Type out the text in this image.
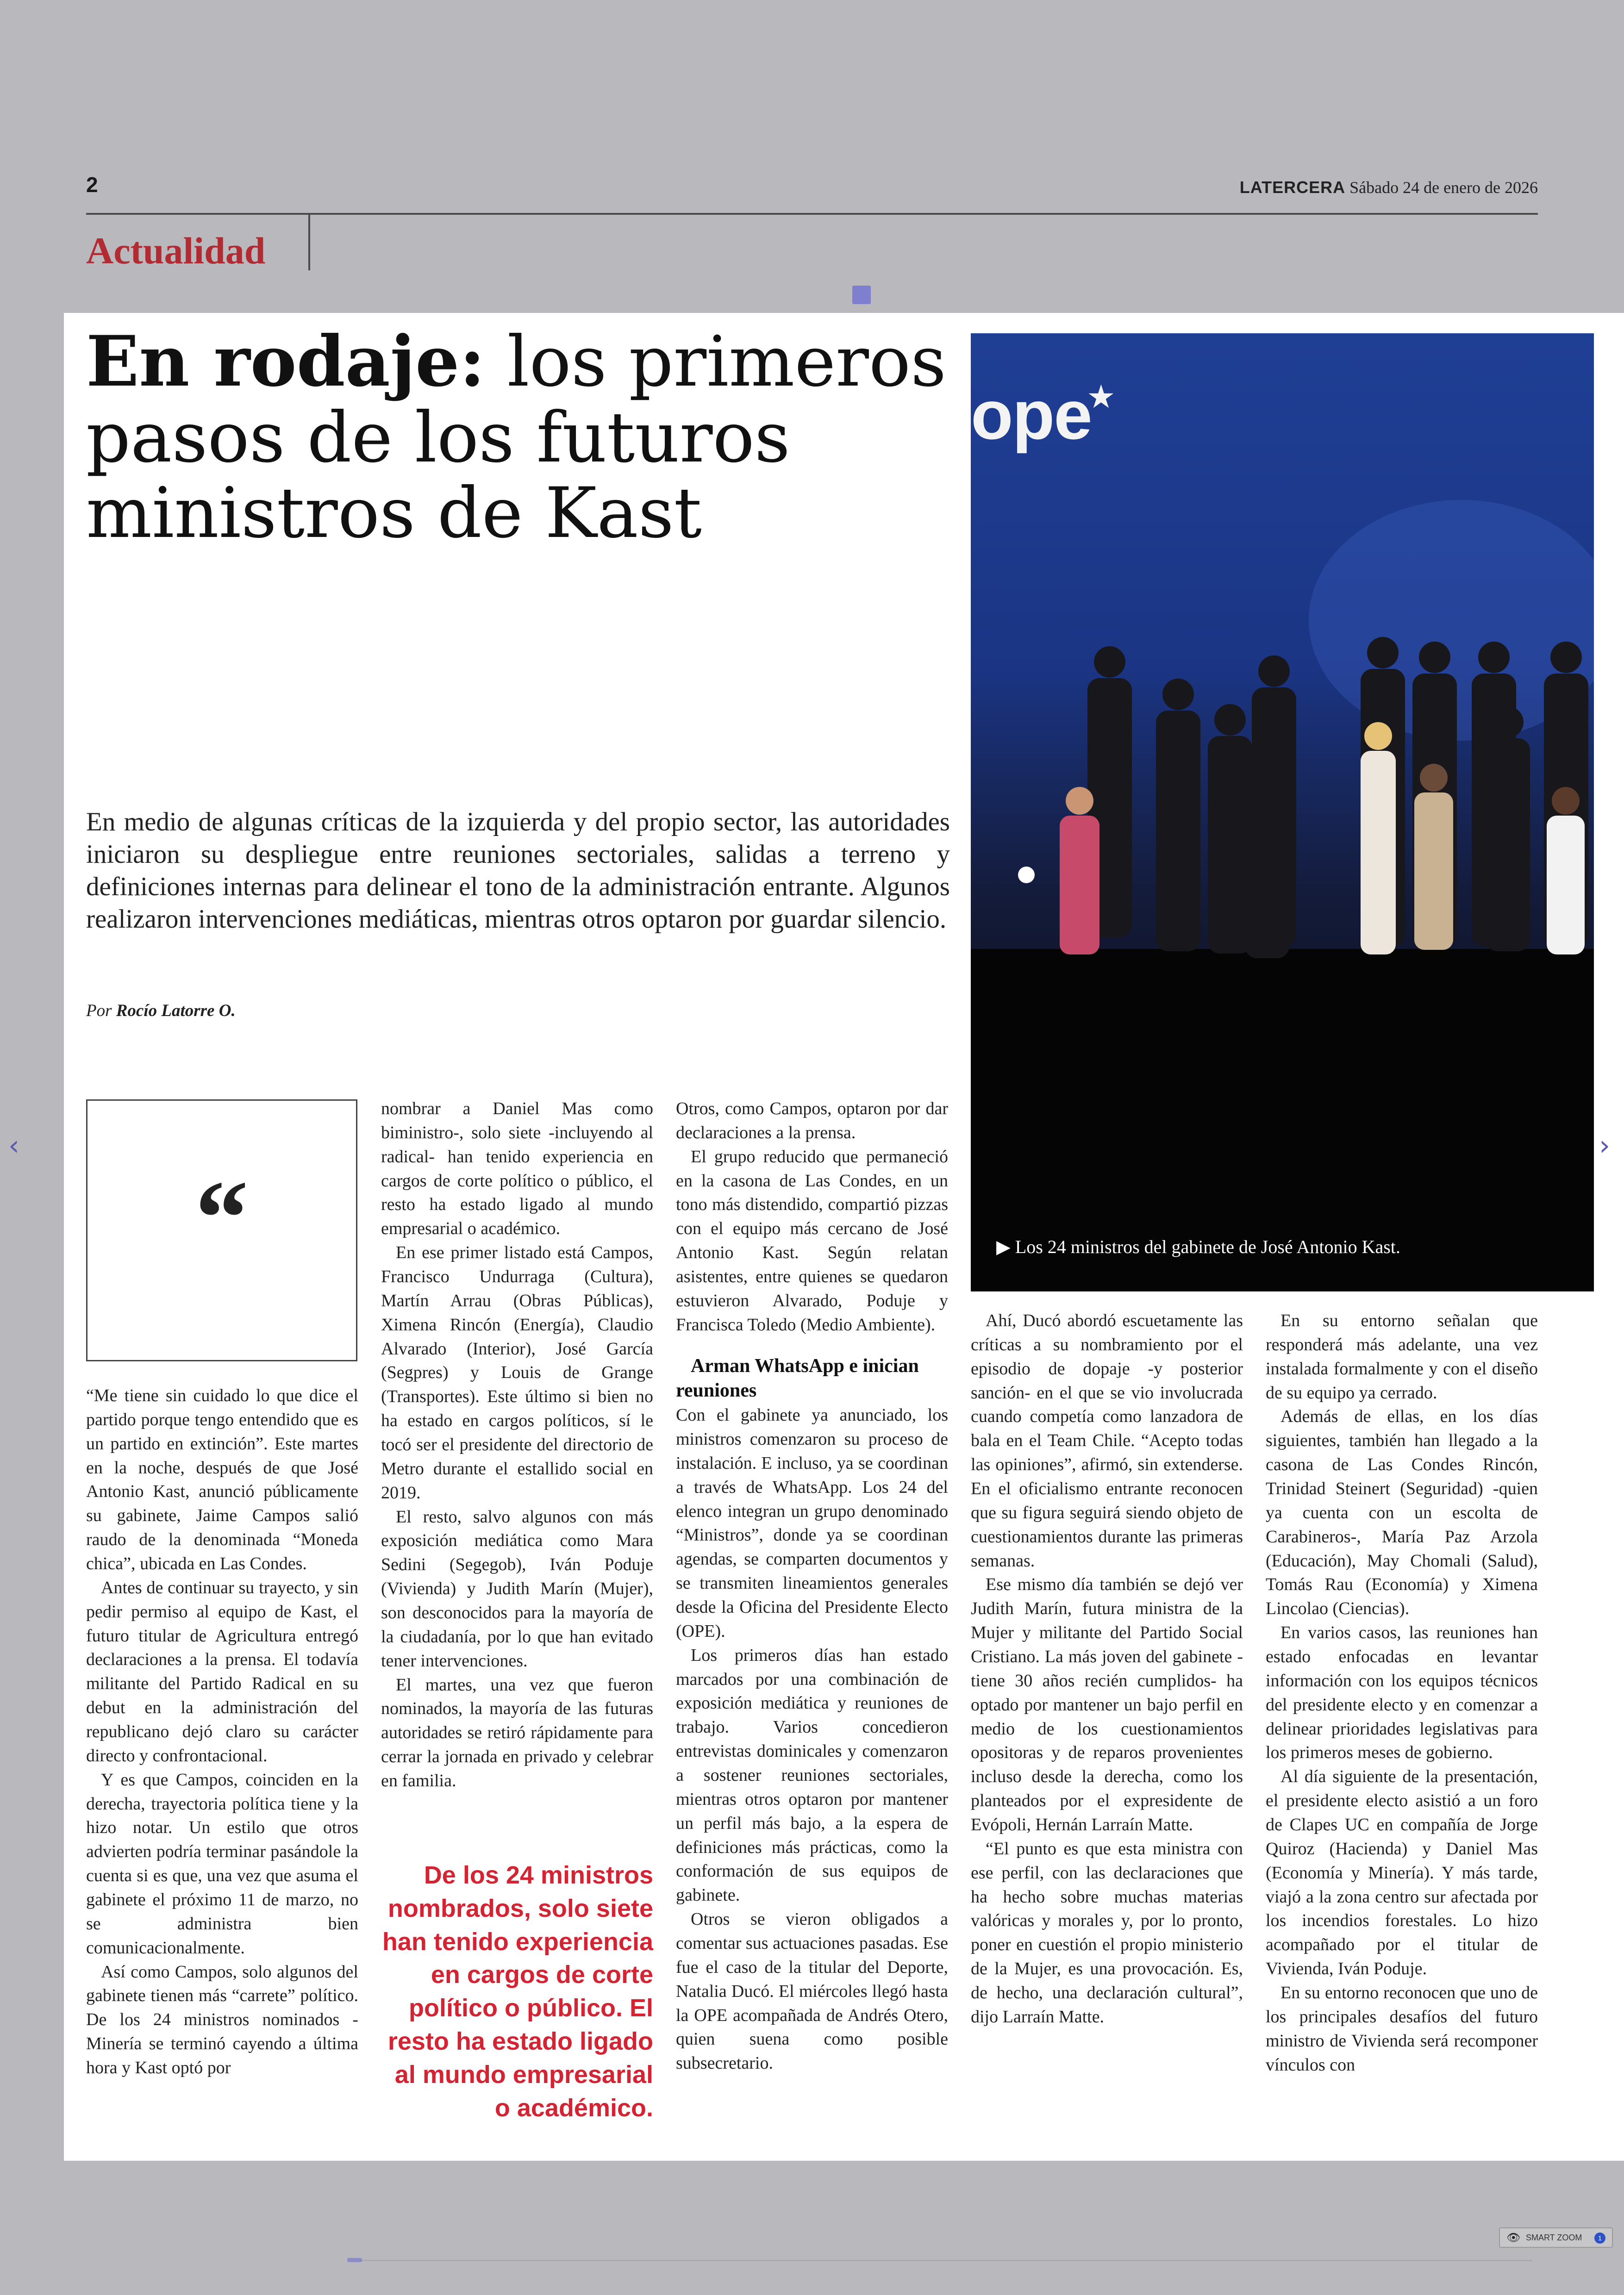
2	LATERCERA Sábado 24 de enero de 2026
Actualidad
En rodaje: los primeros pasos de los futuros ministros de Kast
En medio de algunas críticas de la izquierda y del propio sector, las autoridades iniciaron su despliegue entre reuniones sectoriales, salidas a terreno y definiciones internas para delinear el tono de la administración entrante. Algunos realizaron intervenciones mediáticas, mientras otros optaron por guardar silencio.
Por Rocío Latorre O.
ope
★
▶ Los 24 ministros del gabinete de José Antonio Kast.
“

“Me tiene sin cuidado lo que dice el partido porque tengo entendido que es un partido en extinción”. Este martes en la noche, después de que José Antonio Kast, anunció públicamente su gabinete, Jaime Campos salió raudo de la denominada “Moneda chica”, ubicada en Las Condes.

Antes de continuar su trayecto, y sin pedir permiso al equipo de Kast, el futuro titular de Agricultura entregó declaraciones a la prensa. El todavía militante del Partido Radical en su debut en la administración del republicano dejó claro su carácter directo y confrontacional.

Y es que Campos, coinciden en la derecha, trayectoria política tiene y la hizo notar. Un estilo que otros advierten podría terminar pasándole la cuenta si es que, una vez que asuma el gabinete el próximo 11 de marzo, no se administra bien comunicacionalmente.

Así como Campos, solo algunos del gabinete tienen más “carrete” político. De los 24 ministros nominados -Minería se terminó cayendo a última hora y Kast optó por

nombrar a Daniel Mas como biministro-, solo siete -incluyendo al radical- han tenido experiencia en cargos de corte político o público, el resto ha estado ligado al mundo empresarial o académico.

En ese primer listado está Campos, Francisco Undurraga (Cultura), Martín Arrau (Obras Públicas), Ximena Rincón (Energía), Claudio Alvarado (Interior), José García (Segpres) y Louis de Grange (Transportes). Este último si bien no ha estado en cargos políticos, sí le tocó ser el presidente del directorio de Metro durante el estallido social en 2019.

El resto, salvo algunos con más exposición mediática como Mara Sedini (Segegob), Iván Poduje (Vivienda) y Judith Marín (Mujer), son desconocidos para la mayoría de la ciudadanía, por lo que han evitado tener intervenciones.

El martes, una vez que fueron nominados, la mayoría de las futuras autoridades se retiró rápidamente para cerrar la jornada en privado y celebrar en familia.

De los 24 ministros nombrados, solo siete han tenido experiencia en cargos de corte político o público. El resto ha estado ligado al mundo empresarial o académico.

Otros, como Campos, optaron por dar declaraciones a la prensa.

El grupo reducido que permaneció en la casona de Las Condes, en un tono más distendido, compartió pizzas con el equipo más cercano de José Antonio Kast. Según relatan asistentes, entre quienes se quedaron estuvieron Alvarado, Poduje y Francisca Toledo (Medio Ambiente).

Arman WhatsApp e inician reuniones

Con el gabinete ya anunciado, los ministros comenzaron su proceso de instalación. E incluso, ya se coordinan a través de WhatsApp. Los 24 del elenco integran un grupo denominado “Ministros”, donde ya se coordinan agendas, se comparten documentos y se transmiten lineamientos generales desde la Oficina del Presidente Electo (OPE).

Los primeros días han estado marcados por una combinación de exposición mediática y reuniones de trabajo. Varios concedieron entrevistas dominicales y comenzaron a sostener reuniones sectoriales, mientras otros optaron por mantener un perfil más bajo, a la espera de definiciones más prácticas, como la conformación de sus equipos de gabinete.

Otros se vieron obligados a comentar sus actuaciones pasadas. Ese fue el caso de la titular del Deporte, Natalia Ducó. El miércoles llegó hasta la OPE acompañada de Andrés Otero, quien suena como posible subsecretario.

Ahí, Ducó abordó escuetamente las críticas a su nombramiento por el episodio de dopaje -y posterior sanción- en el que se vio involucrada cuando competía como lanzadora de bala en el Team Chile. “Acepto todas las opiniones”, afirmó, sin extenderse. En el oficialismo entrante reconocen que su figura seguirá siendo objeto de cuestionamientos durante las primeras semanas.

Ese mismo día también se dejó ver Judith Marín, futura ministra de la Mujer y militante del Partido Social Cristiano. La más joven del gabinete -tiene 30 años recién cumplidos- ha optado por mantener un bajo perfil en medio de los cuestionamientos opositoras y de reparos provenientes incluso desde la derecha, como los planteados por el expresidente de Evópoli, Hernán Larraín Matte.

“El punto es que esta ministra con ese perfil, con las declaraciones que ha hecho sobre muchas materias valóricas y morales y, por lo pronto, poner en cuestión el propio ministerio de la Mujer, es una provocación. Es, de hecho, una declaración cultural”, dijo Larraín Matte.

En su entorno señalan que responderá más adelante, una vez instalada formalmente y con el diseño de su equipo ya cerrado.

Además de ellas, en los días siguientes, también han llegado a la casona de Las Condes Rincón, Trinidad Steinert (Seguridad) -quien ya cuenta con un escolta de Carabineros-, María Paz Arzola (Educación), May Chomali (Salud), Tomás Rau (Economía) y Ximena Lincolao (Ciencias).

En varios casos, las reuniones han estado enfocadas en levantar información con los equipos técnicos del presidente electo y en comenzar a delinear prioridades legislativas para los primeros meses de gobierno.

Al día siguiente de la presentación, el presidente electo asistió a un foro de Clapes UC en compañía de Jorge Quiroz (Hacienda) y Daniel Mas (Economía y Minería). Y más tarde, viajó a la zona centro sur afectada por los incendios forestales. Lo hizo acompañado por el titular de Vivienda, Iván Poduje.

En su entorno reconocen que uno de los principales desafíos del futuro ministro de Vivienda será recomponer vínculos con

‹	›
👁 SMART ZOOM	1
